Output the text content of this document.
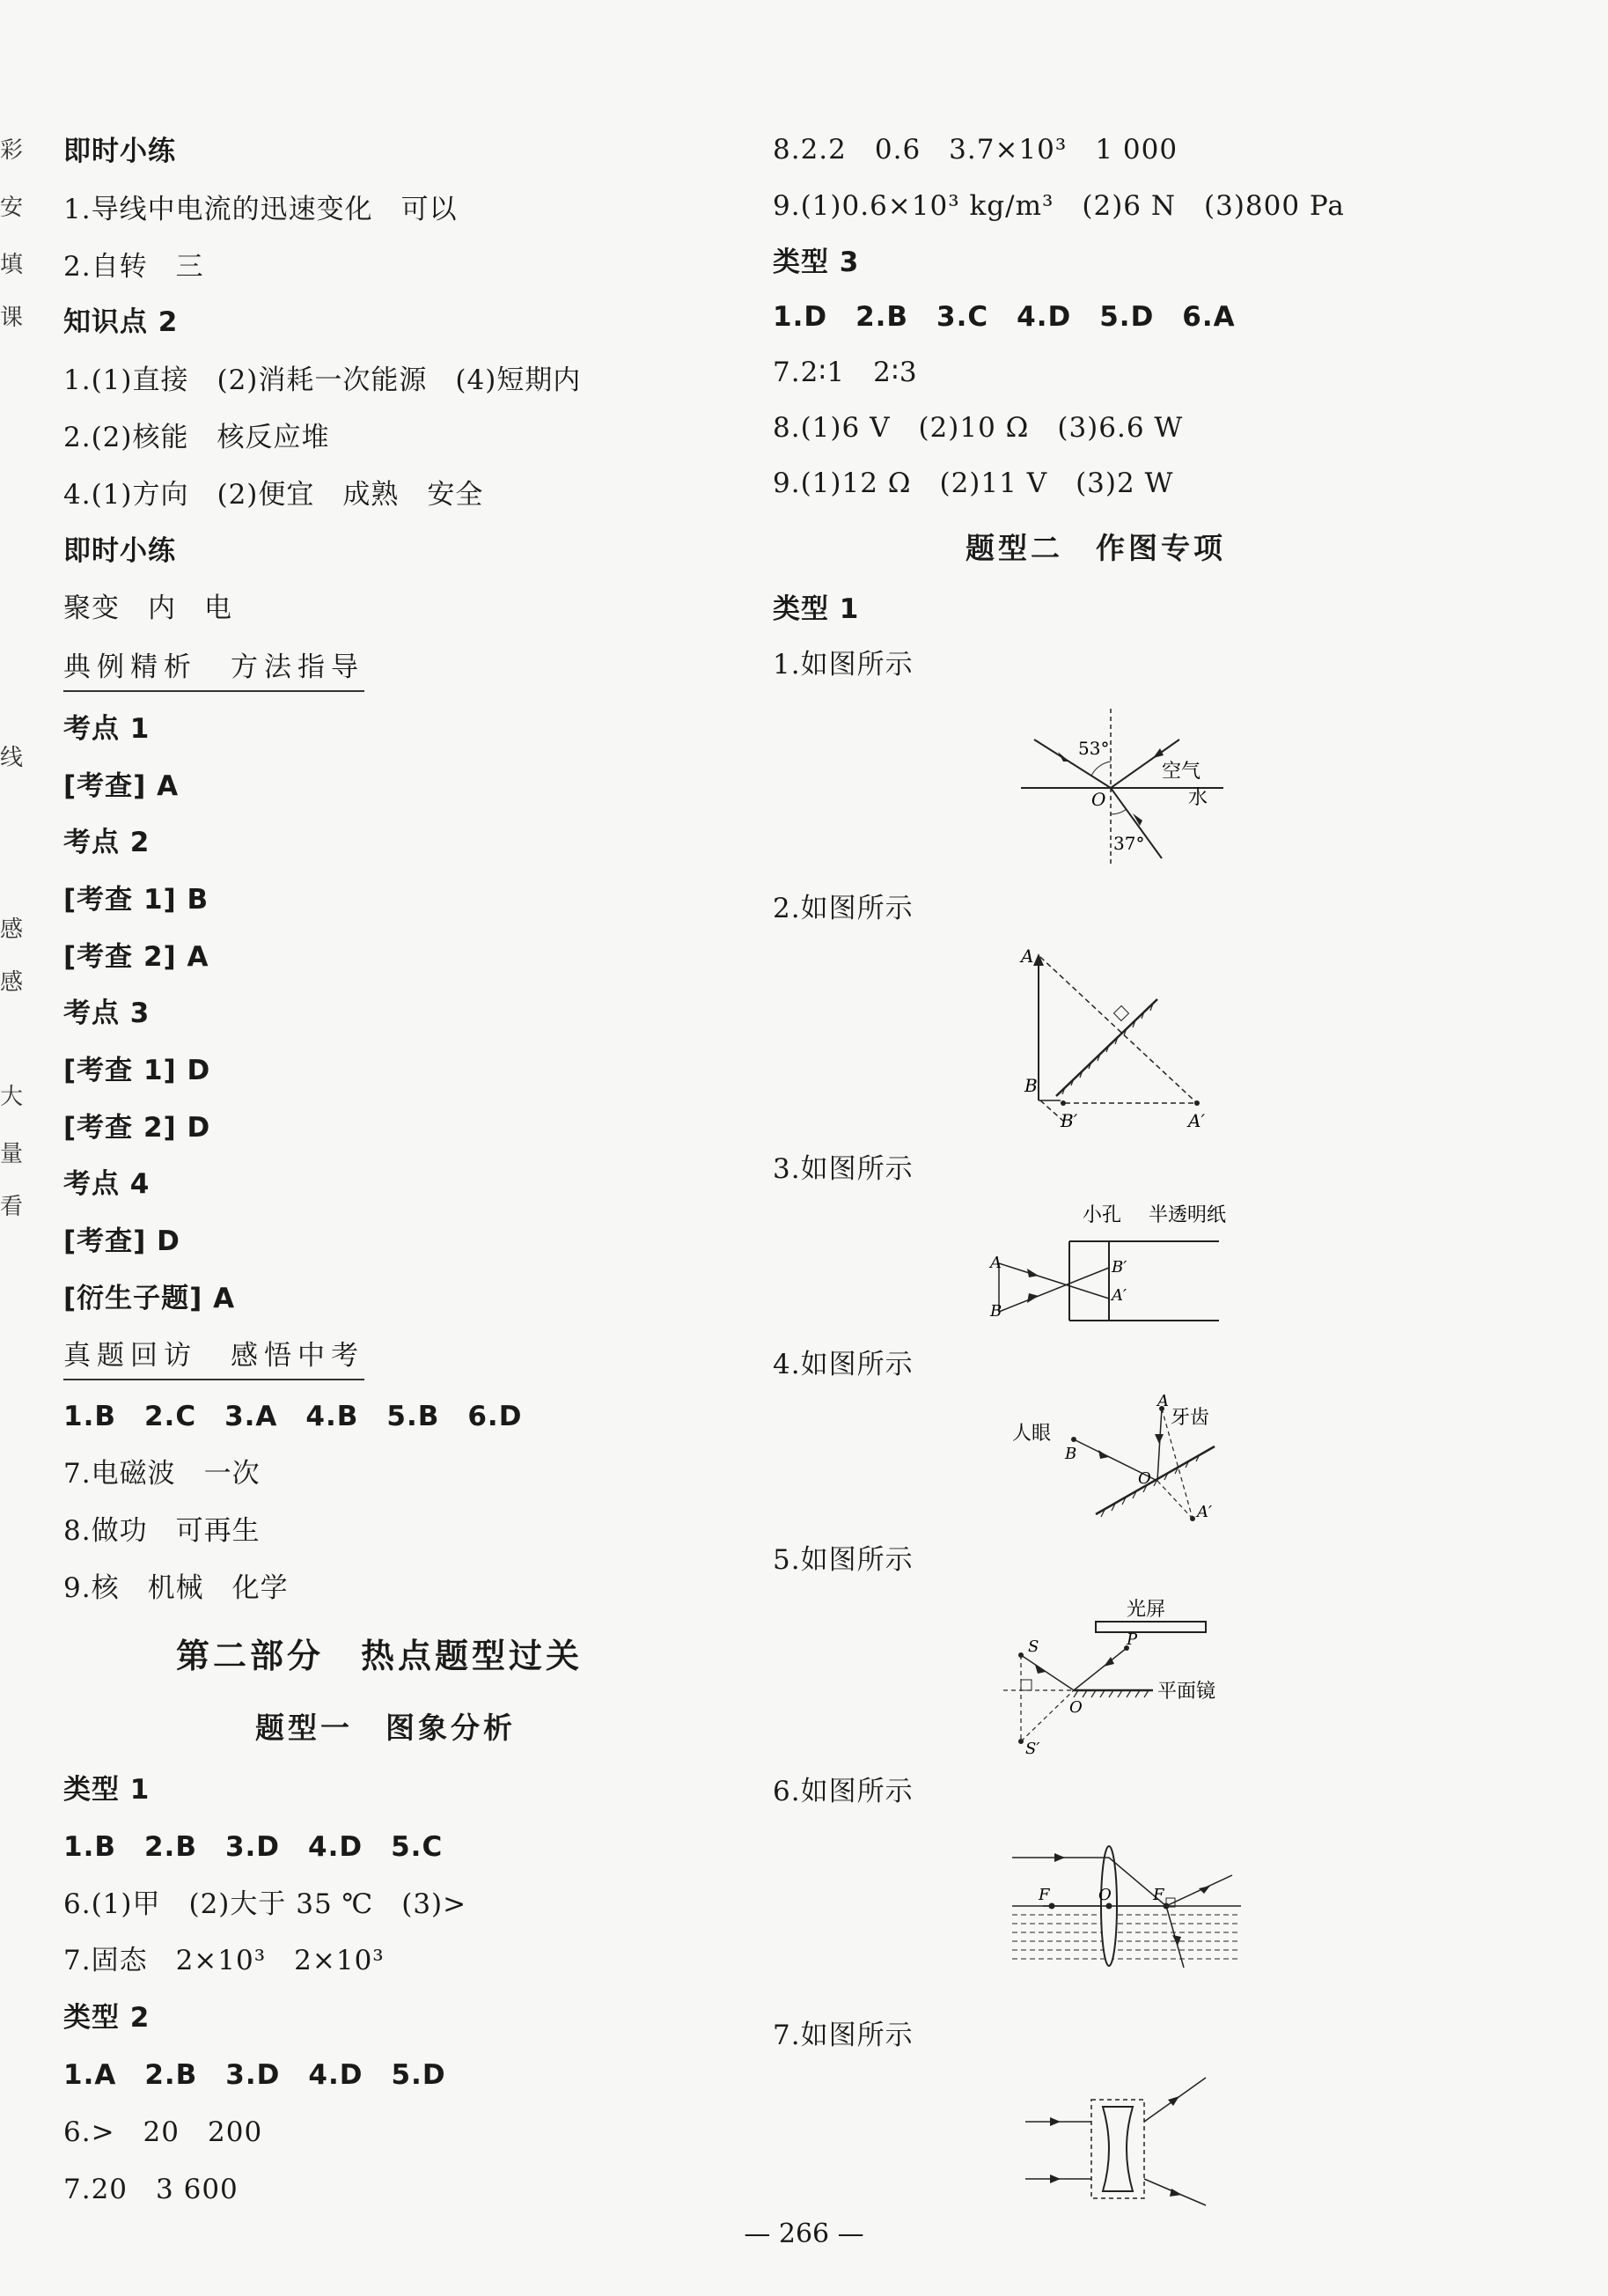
彩
安
填
课
线
感
感
大
量
看
即时小练
1.导线中电流的迅速变化　可以
2.自转　三
知识点 2
1.(1)直接　(2)消耗一次能源　(4)短期内
2.(2)核能　核反应堆
4.(1)方向　(2)便宜　成熟　安全
即时小练
聚变　内　电
典例精析　方法指导
考点 1
[考查] A
考点 2
[考查 1] B
[考查 2] A
考点 3
[考查 1] D
[考查 2] D
考点 4
[考查] D
[衍生子题] A
真题回访　感悟中考
1.B　2.C　3.A　4.B　5.B　6.D
7.电磁波　一次
8.做功　可再生
9.核　机械　化学
第二部分　热点题型过关
题型一　图象分析
类型 1
1.B　2.B　3.D　4.D　5.C
6.(1)甲　(2)大于 35 ℃　(3)>
7.固态　2×10³　2×10³
类型 2
1.A　2.B　3.D　4.D　5.D
6.>　20　200
7.20　3 600
8.2.2　0.6　3.7×10³　1 000
9.(1)0.6×10³ kg/m³　(2)6 N　(3)800 Pa
类型 3
1.D　2.B　3.C　4.D　5.D　6.A
7.2∶1　2∶3
8.(1)6 V　(2)10 Ω　(3)6.6 W
9.(1)12 Ω　(2)11 V　(3)2 W
题型二　作图专项
类型 1
1.如图所示
2.如图所示
3.如图所示
4.如图所示
5.如图所示
6.如图所示
7.如图所示
53°
空气
水
O
37°
A
B
B′	A′
小孔 半透明纸
A
B
B′
A′
人眼
B
A
牙齿
O
A′
光屏
平面镜
S	P
O
S′
F	O	F
— 266 —
